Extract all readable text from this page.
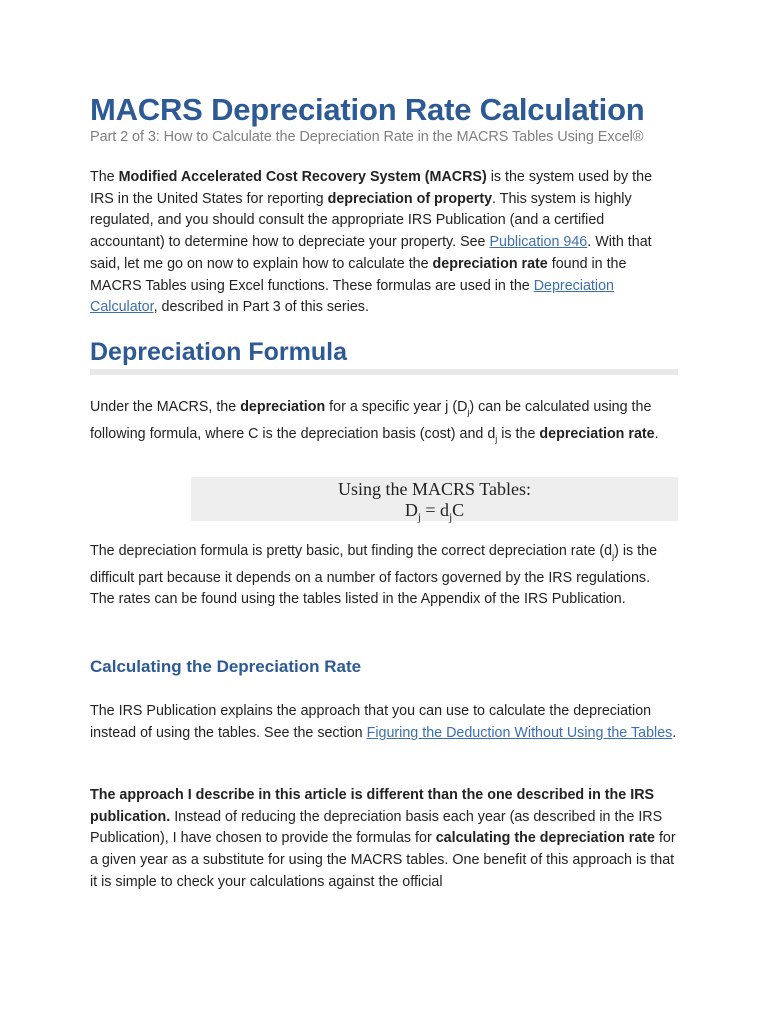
MACRS Depreciation Rate Calculation
Part 2 of 3: How to Calculate the Depreciation Rate in the MACRS Tables Using Excel®

The Modified Accelerated Cost Recovery System (MACRS) is the system used by the IRS in the United States for reporting depreciation of property. This system is highly regulated, and you should consult the appropriate IRS Publication (and a certified accountant) to determine how to depreciate your property. See Publication 946. With that said, let me go on now to explain how to calculate the depreciation rate found in the MACRS Tables using Excel functions. These formulas are used in the Depreciation Calculator, described in Part 3 of this series.

Depreciation Formula

Under the MACRS, the depreciation for a specific year j $(D_j)$ can be calculated using the following formula, where C is the depreciation basis (cost) and $d_j$ is the depreciation rate.

Using the MACRS Tables:
$D_j = d_jC$

The depreciation formula is pretty basic, but finding the correct depreciation rate $(d_j)$ is the difficult part because it depends on a number of factors governed by the IRS regulations. The rates can be found using the tables listed in the Appendix of the IRS Publication.

Calculating the Depreciation Rate

The IRS Publication explains the approach that you can use to calculate the depreciation instead of using the tables. See the section Figuring the Deduction Without Using the Tables.

The approach I describe in this article is different than the one described in the IRS publication. Instead of reducing the depreciation basis each year (as described in the IRS Publication), I have chosen to provide the formulas for calculating the depreciation rate for a given year as a substitute for using the MACRS tables. One benefit of this approach is that it is simple to check your calculations against the official
